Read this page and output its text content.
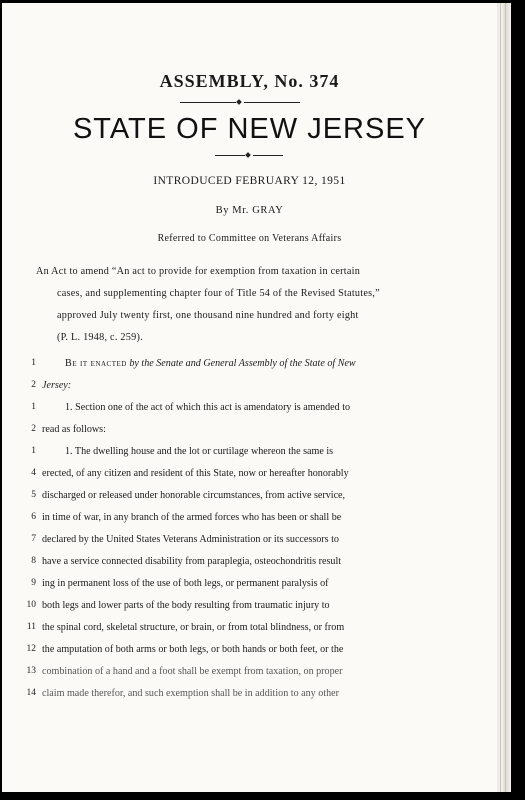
ASSEMBLY, No. 374
STATE OF NEW JERSEY
INTRODUCED FEBRUARY 12, 1951
By Mr. GRAY
Referred to Committee on Veterans Affairs
An Act to amend “An act to provide for exemption from taxation in certain
cases, and supplementing chapter four of Title 54 of the Revised Statutes,”
approved July twenty first, one thousand nine hundred and forty eight
(P. L. 1948, c. 259).
1	Be it enacted by the Senate and General Assembly of the State of New
2 Jersey:
1	1. Section one of the act of which this act is amendatory is amended to
2 read as follows:
1	1. The dwelling house and the lot or curtilage whereon the same is
4 erected, of any citizen and resident of this State, now or hereafter honorably
5 discharged or released under honorable circumstances, from active service,
6 in time of war, in any branch of the armed forces who has been or shall be
7 declared by the United States Veterans Administration or its successors to
8 have a service connected disability from paraplegia, osteochondritis result
9 ing in permanent loss of the use of both legs, or permanent paralysis of
10 both legs and lower parts of the body resulting from traumatic injury to
11 the spinal cord, skeletal structure, or brain, or from total blindness, or from
12 the amputation of both arms or both legs, or both hands or both feet, or the
13 combination of a hand and a foot shall be exempt from taxation, on proper
14 claim made therefor, and such exemption shall be in addition to any other
